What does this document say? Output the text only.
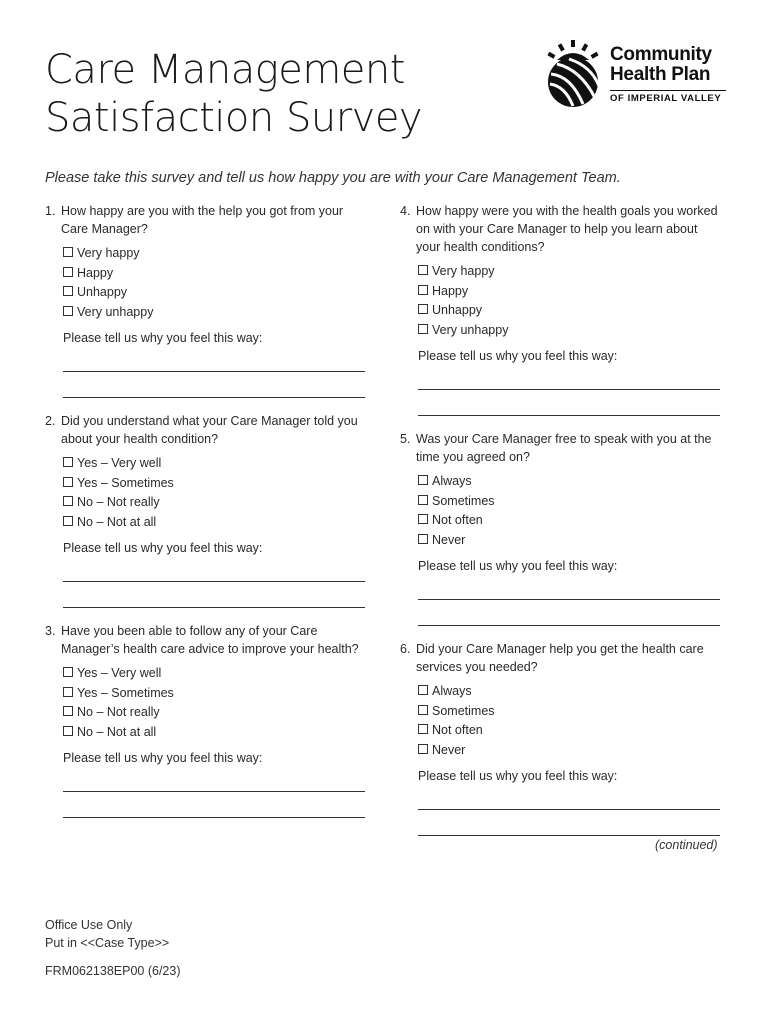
Care Management
Satisfaction Survey
Community
Health Plan
OF IMPERIAL VALLEY
Please take this survey and tell us how happy you are with your Care Management Team.
1. How happy are you with the help you got from your Care Manager?
Very happy
Happy
Unhappy
Very unhappy
Please tell us why you feel this way:
2. Did you understand what your Care Manager told you about your health condition?
Yes – Very well
Yes – Sometimes
No – Not really
No – Not at all
Please tell us why you feel this way:
3. Have you been able to follow any of your Care Manager’s health care advice to improve your health?
Yes – Very well
Yes – Sometimes
No – Not really
No – Not at all
Please tell us why you feel this way:
4. How happy were you with the health goals you worked on with your Care Manager to help you learn about your health conditions?
Very happy
Happy
Unhappy
Very unhappy
Please tell us why you feel this way:
5. Was your Care Manager free to speak with you at the time you agreed on?
Always
Sometimes
Not often
Never
Please tell us why you feel this way:
6. Did your Care Manager help you get the health care services you needed?
Always
Sometimes
Not often
Never
Please tell us why you feel this way:
(continued)
Office Use Only
Put in <<Case Type>>
FRM062138EP00 (6/23)
